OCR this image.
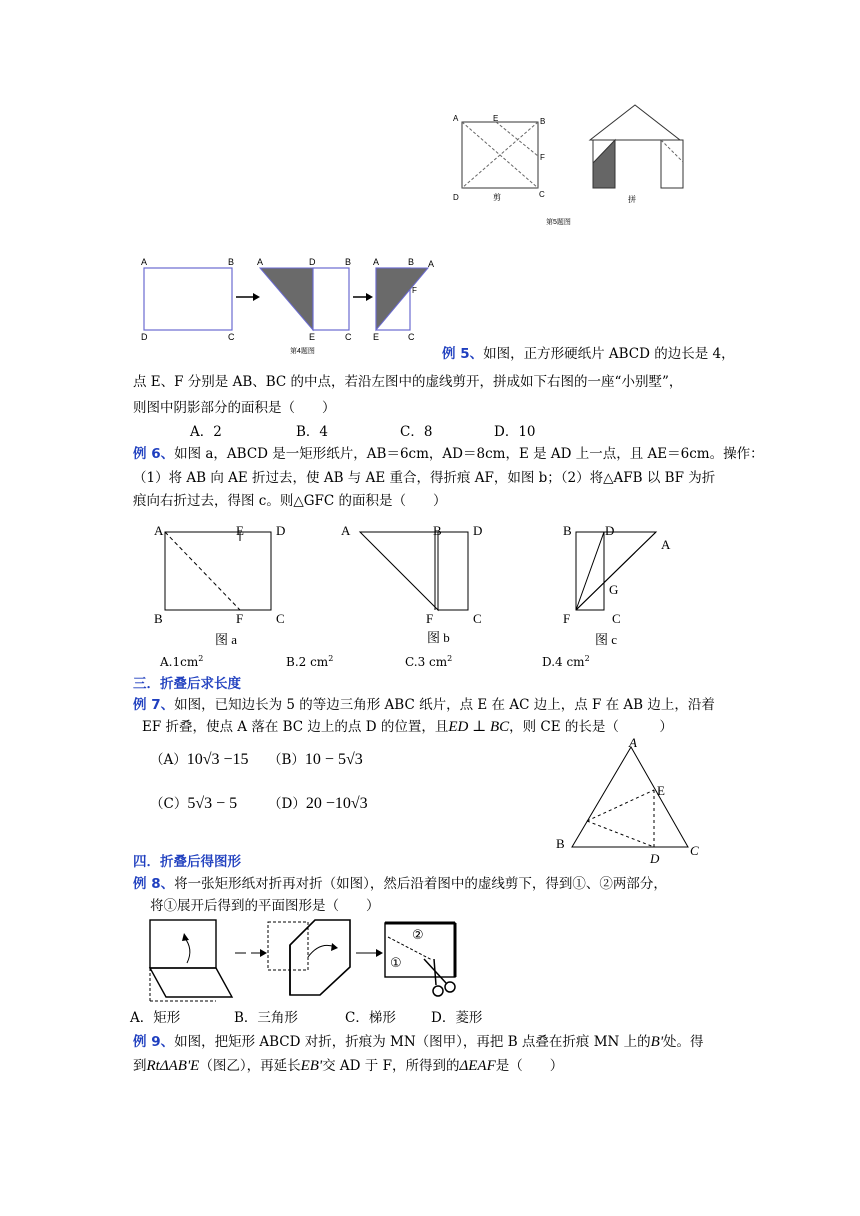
A	E	B
F
D	C
剪	拼
第5题图
A	B
D	C
A	D	B
E	C
A	B A
F
E	C
第4题图	例 5、如图，正方形硬纸片 ABCD 的边长是 4，
点 E、F 分别是 AB、BC 的中点，若沿左图中的虚线剪开，拼成如下右图的一座“小别墅”，
则图中阴影部分的面积是（　　）
A．2	B．4	C．8	D．10
例 6、如图 a，ABCD 是一矩形纸片，AB＝6cm，AD＝8cm，E 是 AD 上一点，且 AE＝6cm。操作：
（1）将 AB 向 AE 折过去，使 AB 与 AE 重合，得折痕 AF，如图 b；（2）将△AFB 以 BF 为折
痕向右折过去，得图 c。则△GFC 的面积是（　　）
A	E D
B	F	C
图 a
A	B D
F	C
图 b
B	D
A
G
F	C
图 c
$A.1cm^2$	B.2 $cm^2$	C.3 $cm^2$	D.4 $cm^2$
三．折叠后求长度
例 7、如图，已知边长为 5 的等边三角形 ABC 纸片，点 E 在 AC 边上，点 F 在 AB 边上，沿着
EF 折叠，使点 A 落在 BC 边上的点 D 的位置，且ED ⊥ BC，则 CE 的长是（　　　）
（A）10√3 −15 （B）10 − 5√3
（C）5√3 − 5 （D）20 −10√3
A
E
B	C
D
四．折叠后得图形
例 8、将一张矩形纸对折再对折（如图），然后沿着图中的虚线剪下，得到①、②两部分，
将①展开后得到的平面图形是（　　）
②
①
A．矩形	B．三角形	C．梯形	D．菱形
例 9、如图，把矩形 ABCD 对折，折痕为 MN（图甲），再把 B 点叠在折痕 MN 上的B'处。得
到RtΔAB'E（图乙），再延长EB'交 AD 于 F，所得到的ΔEAF是（　　）
